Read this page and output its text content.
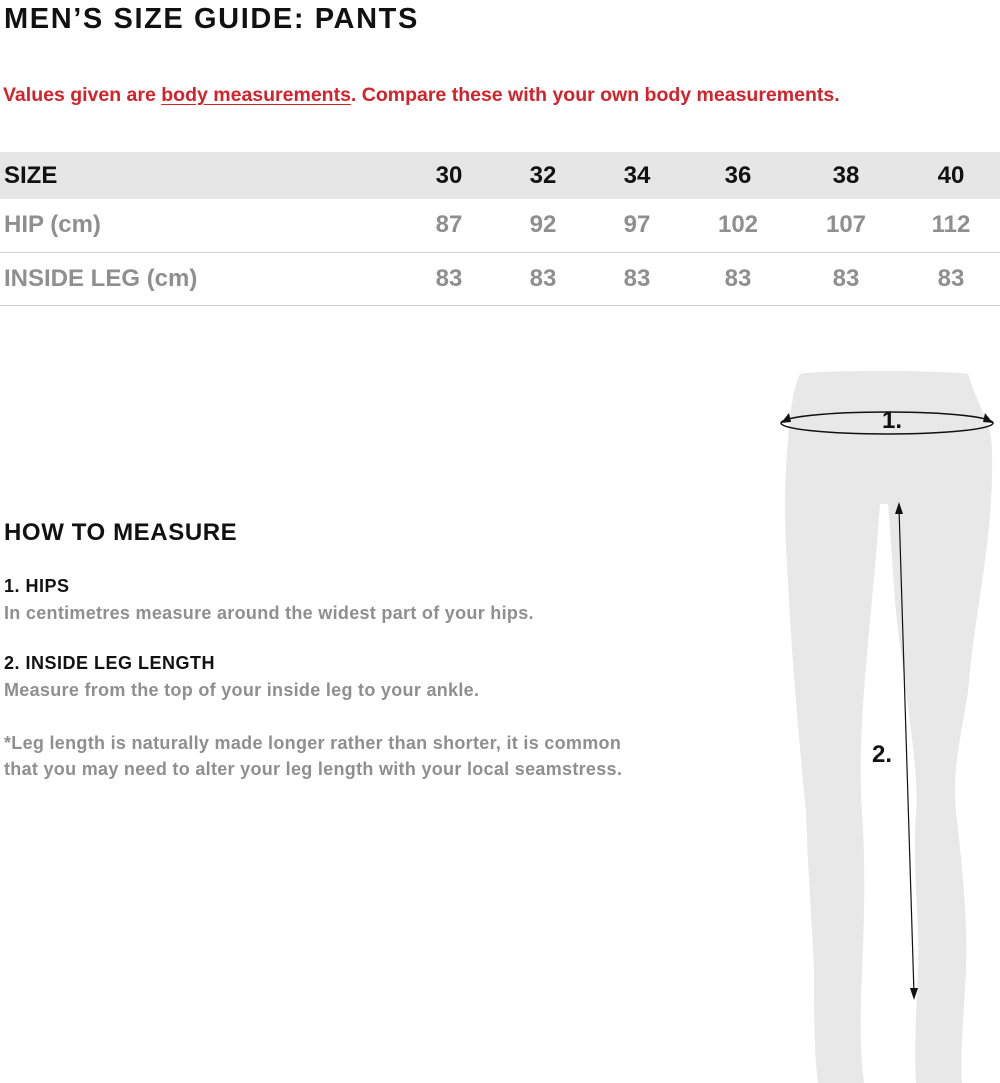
MEN’S SIZE GUIDE: PANTS

Values given are body measurements. Compare these with your own body measurements.

SIZE	30	32	34	36	38	40
HIP (cm)	87	92	97	102	107	112
INSIDE LEG (cm)	83	83	83	83	83	83
HOW TO MEASURE
1. HIPS

In centimetres measure around the widest part of your hips.

2. INSIDE LEG LENGTH

Measure from the top of your inside leg to your ankle.

*Leg length is naturally made longer rather than shorter, it is common that you may need to alter your leg length with your local seamstress.

1.
2.
